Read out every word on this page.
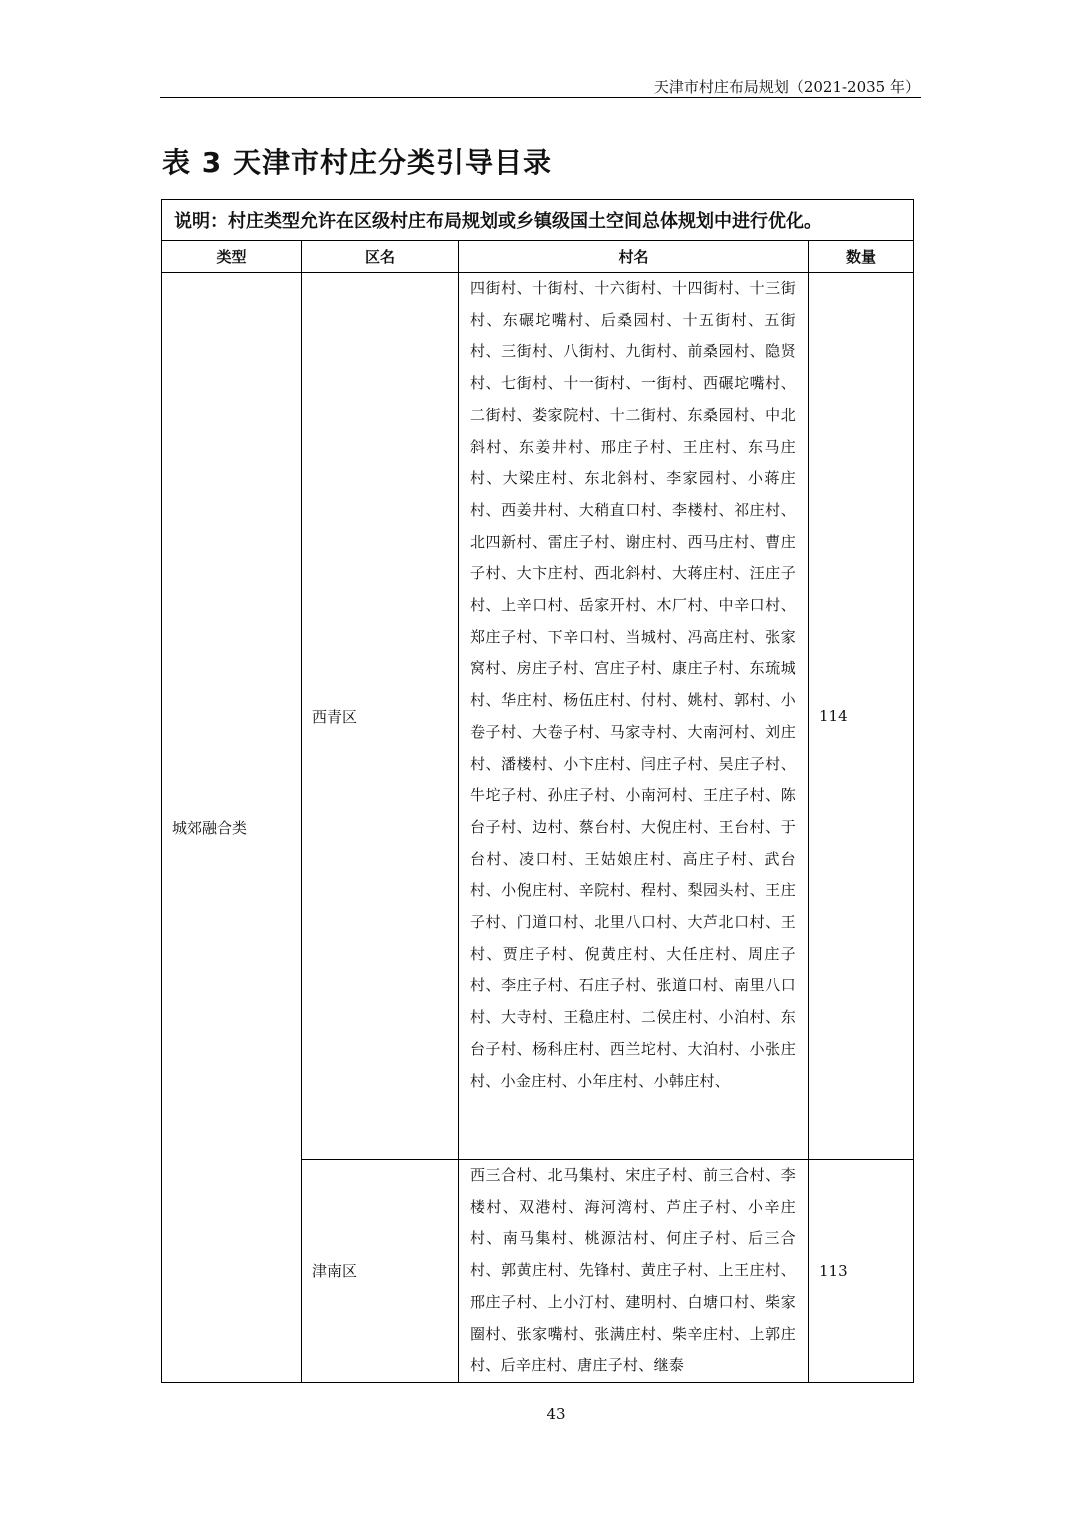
天津市村庄布局规划（2021-2035 年）
表 3 天津市村庄分类引导目录
说明：村庄类型允许在区级村庄布局规划或乡镇级国土空间总体规划中进行优化。			
类型	区名	村名	数量
城郊融合类	西青区	四街村、十街村、十六街村、十四街村、十三街村、东碾坨嘴村、后桑园村、十五街村、五街村、三街村、八街村、九街村、前桑园村、隐贤村、七街村、十一街村、一街村、西碾坨嘴村、二街村、娄家院村、十二街村、东桑园村、中北斜村、东姜井村、邢庄子村、王庄村、东马庄村、大梁庄村、东北斜村、李家园村、小蒋庄村、西姜井村、大稍直口村、李楼村、祁庄村、北四新村、雷庄子村、谢庄村、西马庄村、曹庄子村、大卞庄村、西北斜村、大蒋庄村、汪庄子村、上辛口村、岳家开村、木厂村、中辛口村、郑庄子村、下辛口村、当城村、冯高庄村、张家窝村、房庄子村、宫庄子村、康庄子村、东琉城村、华庄村、杨伍庄村、付村、姚村、郭村、小卷子村、大卷子村、马家寺村、大南河村、刘庄村、潘楼村、小卞庄村、闫庄子村、吴庄子村、牛坨子村、孙庄子村、小南河村、王庄子村、陈台子村、边村、蔡台村、大倪庄村、王台村、于台村、凌口村、王姑娘庄村、高庄子村、武台村、小倪庄村、辛院村、程村、梨园头村、王庄子村、门道口村、北里八口村、大芦北口村、王村、贾庄子村、倪黄庄村、大任庄村、周庄子村、李庄子村、石庄子村、张道口村、南里八口村、大寺村、王稳庄村、二侯庄村、小泊村、东台子村、杨科庄村、西兰坨村、大泊村、小张庄村、小金庄村、小年庄村、小韩庄村、	114
	津南区	西三合村、北马集村、宋庄子村、前三合村、李楼村、双港村、海河湾村、芦庄子村、小辛庄村、南马集村、桃源沽村、何庄子村、后三合村、郭黄庄村、先锋村、黄庄子村、上王庄村、邢庄子村、上小汀村、建明村、白塘口村、柴家圈村、张家嘴村、张满庄村、柴辛庄村、上郭庄村、后辛庄村、唐庄子村、继泰	113
43
